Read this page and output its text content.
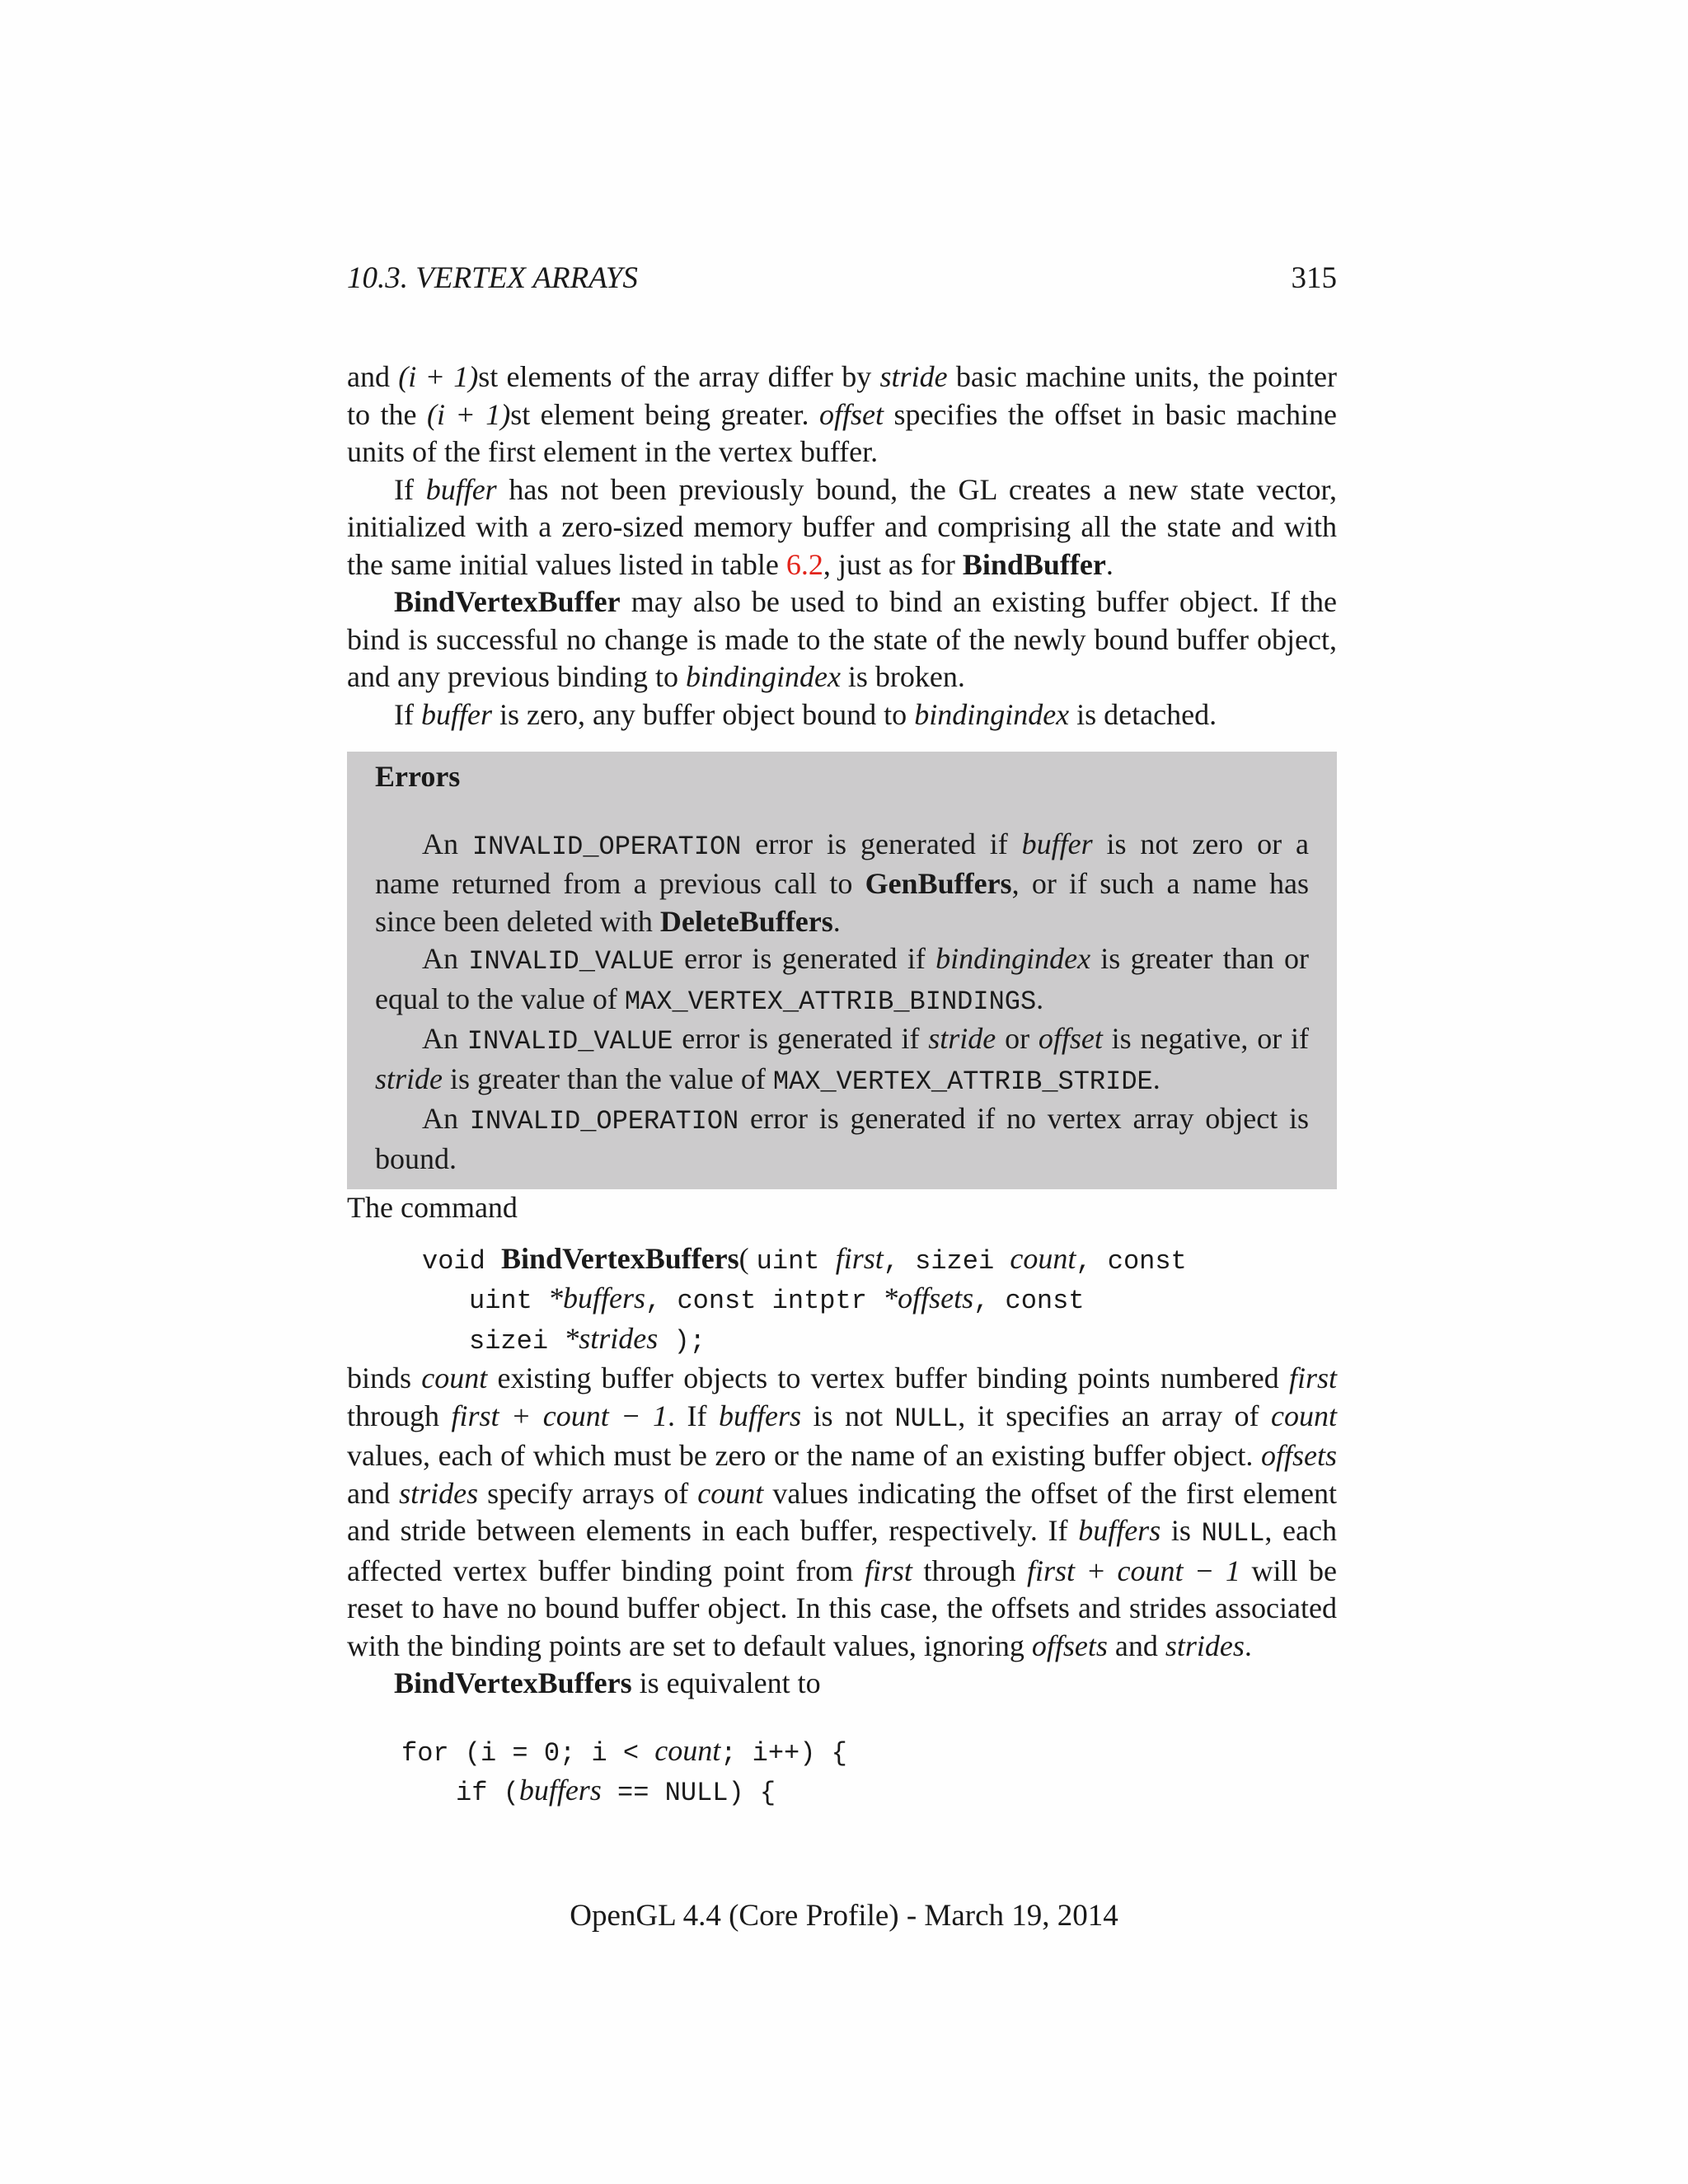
10.3. VERTEX ARRAYS	315

and (i + 1)st elements of the array differ by stride basic machine units, the pointer to the (i + 1)st element being greater. offset specifies the offset in basic machine units of the first element in the vertex buffer.

If buffer has not been previously bound, the GL creates a new state vector, initialized with a zero-sized memory buffer and comprising all the state and with the same initial values listed in table 6.2, just as for BindBuffer.

BindVertexBuffer may also be used to bind an existing buffer object. If the bind is successful no change is made to the state of the newly bound buffer object, and any previous binding to bindingindex is broken.

If buffer is zero, any buffer object bound to bindingindex is detached.

Errors

An INVALID_OPERATION error is generated if buffer is not zero or a name returned from a previous call to GenBuffers, or if such a name has since been deleted with DeleteBuffers.

An INVALID_VALUE error is generated if bindingindex is greater than or equal to the value of MAX_VERTEX_ATTRIB_BINDINGS.

An INVALID_VALUE error is generated if stride or offset is negative, or if stride is greater than the value of MAX_VERTEX_ATTRIB_STRIDE.

An INVALID_OPERATION error is generated if no vertex array object is bound.

The command

void BindVertexBuffers( uint first, sizei count, const
uint *buffers, const intptr *offsets, const
sizei *strides );

binds count existing buffer objects to vertex buffer binding points numbered first through first + count − 1. If buffers is not NULL, it specifies an array of count values, each of which must be zero or the name of an existing buffer object. offsets and strides specify arrays of count values indicating the offset of the first element and stride between elements in each buffer, respectively. If buffers is NULL, each affected vertex buffer binding point from first through first + count − 1 will be reset to have no bound buffer object. In this case, the offsets and strides associated with the binding points are set to default values, ignoring offsets and strides.

BindVertexBuffers is equivalent to

for (i = 0; i < count; i++) {
if (buffers == NULL) {
OpenGL 4.4 (Core Profile) - March 19, 2014
